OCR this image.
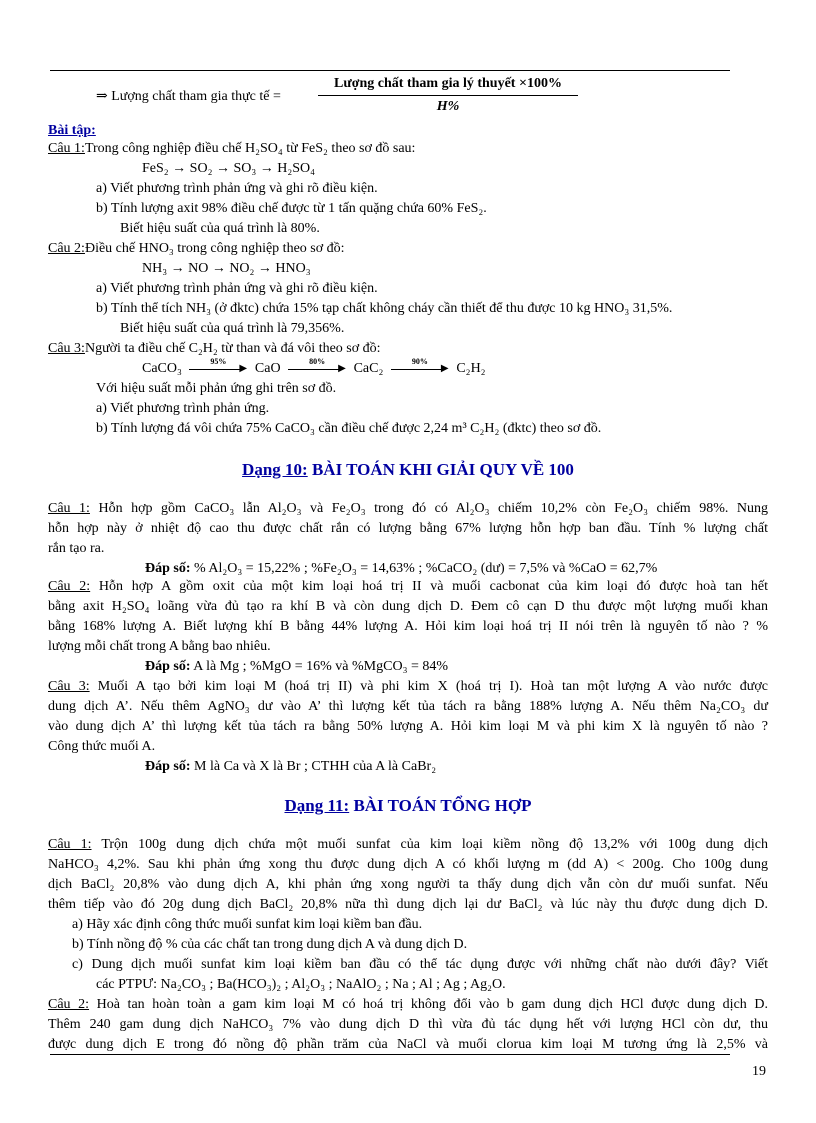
⇒ Lượng chất tham gia thực tế =
Lượng chất tham gia lý thuyết ×100%
H%
Bài tập:
Câu 1:Trong công nghiệp điều chế H₂SO₄ từ FeS₂ theo sơ đồ sau:
FeS₂ → SO₂ → SO₃ → H₂SO₄
a) Viết phương trình phản ứng và ghi rõ điều kiện.
b) Tính lượng axit 98% điều chế được từ 1 tấn quặng chứa 60% FeS₂.
Biết hiệu suất của quá trình là 80%.
Câu 2:Điều chế HNO₃ trong công nghiệp theo sơ đồ:
NH₃ → NO → NO₂ → HNO₃
a) Viết phương trình phản ứng và ghi rõ điều kiện.
b) Tính thể tích NH₃ (ở đktc) chứa 15% tạp chất không cháy cần thiết để thu được 10 kg HNO₃ 31,5%.
Biết hiệu suất của quá trình là 79,356%.
Câu 3:Người ta điều chế C₂H₂ từ than và đá vôi theo sơ đồ:
CaCO₃	95%
▶ CaO	80%
▶ CaC₂	90%
▶ C₂H₂
Với hiệu suất mỗi phản ứng ghi trên sơ đồ.
a) Viết phương trình phản ứng.
b) Tính lượng đá vôi chứa 75% CaCO₃ cần điều chế được 2,24 m³ C₂H₂ (đktc) theo sơ đồ.
Dạng 10: BÀI TOÁN KHI GIẢI QUY VỀ 100
Câu 1: Hỗn hợp gồm CaCO₃ lẫn Al₂O₃ và Fe₂O₃ trong đó có Al₂O₃ chiếm 10,2% còn Fe₂O₃ chiếm 98%. Nung
hỗn hợp này ở nhiệt độ cao thu được chất rắn có lượng bằng 67% lượng hỗn hợp ban đầu. Tính % lượng chất
rắn tạo ra.
Đáp số: % Al₂O₃ = 15,22% ; %Fe₂O₃ = 14,63% ; %CaCO₂ (dư) = 7,5% và %CaO = 62,7%
Câu 2: Hỗn hợp A gồm oxit của một kim loại hoá trị II và muối cacbonat của kim loại đó được hoà tan hết
bằng axit H₂SO₄ loãng vừa đủ tạo ra khí B và còn dung dịch D. Đem cô cạn D thu được một lượng muối khan
bằng 168% lượng A. Biết lượng khí B bằng 44% lượng A. Hỏi kim loại hoá trị II nói trên là nguyên tố nào ? %
lượng mỗi chất trong A bằng bao nhiêu.
Đáp số: A là Mg ; %MgO = 16% và %MgCO₃ = 84%
Câu 3: Muối A tạo bởi kim loại M (hoá trị II) và phi kim X (hoá trị I). Hoà tan một lượng A vào nước được
dung dịch A’. Nếu thêm AgNO₃ dư vào A’ thì lượng kết tủa tách ra bằng 188% lượng A. Nếu thêm Na₂CO₃ dư
vào dung dịch A’ thì lượng kết tủa tách ra bằng 50% lượng A. Hỏi kim loại M và phi kim X là nguyên tố nào ?
Công thức muối A.
Đáp số: M là Ca và X là Br ; CTHH của A là CaBr₂
Dạng 11: BÀI TOÁN TỔNG HỢP
Câu 1: Trộn 100g dung dịch chứa một muối sunfat của kim loại kiềm nồng độ 13,2% với 100g dung dịch
NaHCO₃ 4,2%. Sau khi phản ứng xong thu được dung dịch A có khối lượng m (dd A) < 200g. Cho 100g dung
dịch BaCl₂ 20,8% vào dung dịch A, khi phản ứng xong người ta thấy dung dịch vẫn còn dư muối sunfat. Nếu
thêm tiếp vào đó 20g dung dịch BaCl₂ 20,8% nữa thì dung dịch lại dư BaCl₂ và lúc này thu được dung dịch D.
a) Hãy xác định công thức muối sunfat kim loại kiềm ban đầu.
b) Tính nồng độ % của các chất tan trong dung dịch A và dung dịch D.
c) Dung dịch muối sunfat kim loại kiềm ban đầu có thể tác dụng được với những chất nào dưới đây? Viết
các PTPƯ: Na₂CO₃ ; Ba(HCO₃)₂ ; Al₂O₃ ; NaAlO₂ ; Na ; Al ; Ag ; Ag₂O.
Câu 2: Hoà tan hoàn toàn a gam kim loại M có hoá trị không đổi vào b gam dung dịch HCl được dung dịch D.
Thêm 240 gam dung dịch NaHCO₃ 7% vào dung dịch D thì vừa đủ tác dụng hết với lượng HCl còn dư, thu
được dung dịch E trong đó nồng độ phần trăm của NaCl và muối clorua kim loại M tương ứng là 2,5% và
19
